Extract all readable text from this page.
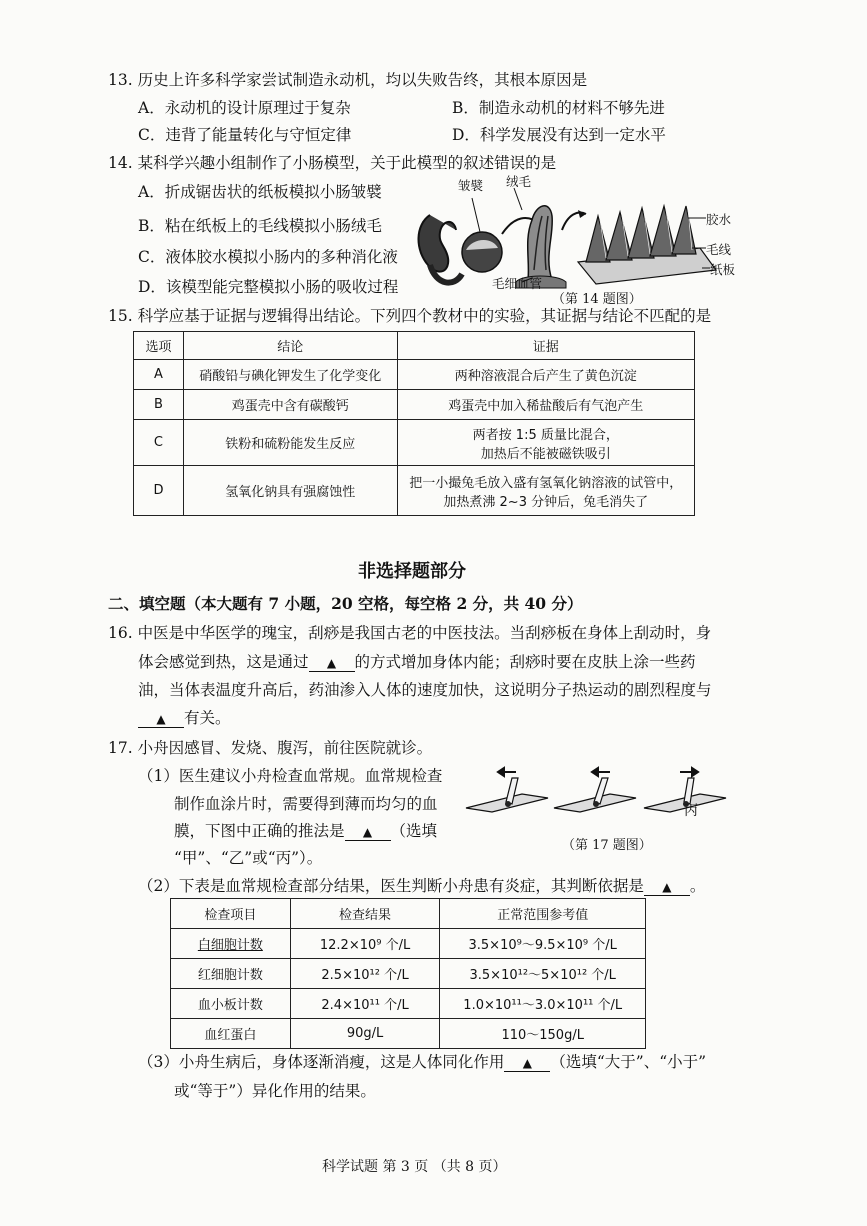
13. 历史上许多科学家尝试制造永动机，均以失败告终，其根本原因是
A．永动机的设计原理过于复杂	B．制造永动机的材料不够先进
C．违背了能量转化与守恒定律	D．科学发展没有达到一定水平
14. 某科学兴趣小组制作了小肠模型，关于此模型的叙述错误的是
A．折成锯齿状的纸板模拟小肠皱襞
B．粘在纸板上的毛线模拟小肠绒毛
C．液体胶水模拟小肠内的多种消化液
D．该模型能完整模拟小肠的吸收过程
皱襞 绒毛
胶水
毛线
纸板
毛细血管
（第 14 题图）
15. 科学应基于证据与逻辑得出结论。下列四个教材中的实验，其证据与结论不匹配的是
选项	结论	证据
A	硝酸铅与碘化钾发生了化学变化	两种溶液混合后产生了黄色沉淀
B	鸡蛋壳中含有碳酸钙	鸡蛋壳中加入稀盐酸后有气泡产生
C	铁粉和硫粉能发生反应	两者按 1:5 质量比混合，
加热后不能被磁铁吸引

D	氢氧化钠具有强腐蚀性	把一小撮兔毛放入盛有氢氧化钠溶液的试管中，
加热煮沸 2~3 分钟后，兔毛消失了
非选择题部分
二、填空题（本大题有 7 小题，20 空格，每空格 2 分，共 40 分）
16. 中医是中华医学的瑰宝，刮痧是我国古老的中医技法。当刮痧板在身体上刮动时，身
体会感觉到热，这是通过 ▲ 的方式增加身体内能；刮痧时要在皮肤上涂一些药
油，当体表温度升高后，药油渗入人体的速度加快，这说明分子热运动的剧烈程度与
▲ 有关。
17. 小舟因感冒、发烧、腹泻，前往医院就诊。
（1）医生建议小舟检查血常规。血常规检查
制作血涂片时，需要得到薄而均匀的血
膜，下图中正确的推法是 ▲ （选填
“甲”、“乙”或“丙”）。
丙
（第 17 题图）
（2）下表是血常规检查部分结果，医生判断小舟患有炎症，其判断依据是 ▲ 。
检查项目	检查结果	正常范围参考值
白细胞计数	12.2×10⁹ 个/L	3.5×10⁹～9.5×10⁹ 个/L
红细胞计数	2.5×10¹² 个/L	3.5×10¹²～5×10¹² 个/L
血小板计数	2.4×10¹¹ 个/L	1.0×10¹¹～3.0×10¹¹ 个/L
血红蛋白	90g/L	110～150g/L
（3）小舟生病后，身体逐渐消瘦，这是人体同化作用 ▲ （选填“大于”、“小于”
或“等于”）异化作用的结果。
科学试题 第 3 页 （共 8 页）
